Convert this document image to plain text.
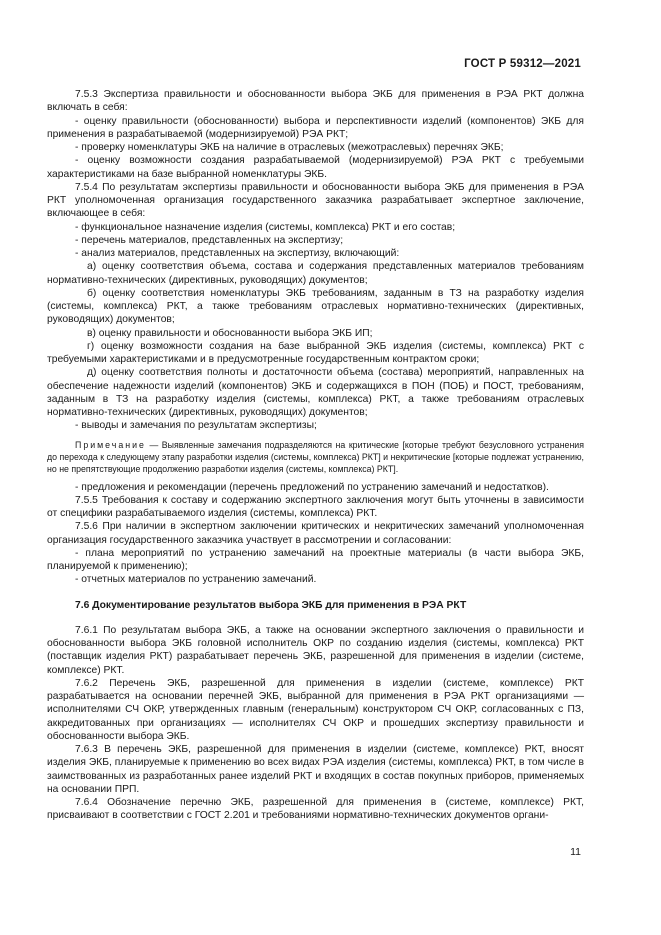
ГОСТ Р 59312—2021
7.5.3 Экспертиза правильности и обоснованности выбора ЭКБ для применения в РЭА РКТ должна включать в себя:
- оценку правильности (обоснованности) выбора и перспективности изделий (компонентов) ЭКБ для применения в разрабатываемой (модернизируемой) РЭА РКТ;
- проверку номенклатуры ЭКБ на наличие в отраслевых (межотраслевых) перечнях ЭКБ;
- оценку возможности создания разрабатываемой (модернизируемой) РЭА РКТ с требуемыми характеристиками на базе выбранной номенклатуры ЭКБ.
7.5.4 По результатам экспертизы правильности и обоснованности выбора ЭКБ для применения в РЭА РКТ уполномоченная организация государственного заказчика разрабатывает экспертное заключение, включающее в себя:
- функциональное назначение изделия (системы, комплекса) РКТ и его состав;
- перечень материалов, представленных на экспертизу;
- анализ материалов, представленных на экспертизу, включающий:
а) оценку соответствия объема, состава и содержания представленных материалов требованиям нормативно-технических (директивных, руководящих) документов;
б) оценку соответствия номенклатуры ЭКБ требованиям, заданным в ТЗ на разработку изделия (системы, комплекса) РКТ, а также требованиям отраслевых нормативно-технических (директивных, руководящих) документов;
в) оценку правильности и обоснованности выбора ЭКБ ИП;
г) оценку возможности создания на базе выбранной ЭКБ изделия (системы, комплекса) РКТ с требуемыми характеристиками и в предусмотренные государственным контрактом сроки;
д) оценку соответствия полноты и достаточности объема (состава) мероприятий, направленных на обеспечение надежности изделий (компонентов) ЭКБ и содержащихся в ПОН (ПОБ) и ПОСТ, требованиям, заданным в ТЗ на разработку изделия (системы, комплекса) РКТ, а также требованиям отраслевых нормативно-технических (директивных, руководящих) документов;
- выводы и замечания по результатам экспертизы;
Примечание — Выявленные замечания подразделяются на критические [которые требуют безусловного устранения до перехода к следующему этапу разработки изделия (системы, комплекса) РКТ] и некритические [которые подлежат устранению, но не препятствующие продолжению разработки изделия (системы, комплекса) РКТ].
- предложения и рекомендации (перечень предложений по устранению замечаний и недостатков).
7.5.5 Требования к составу и содержанию экспертного заключения могут быть уточнены в зависимости от специфики разрабатываемого изделия (системы, комплекса) РКТ.
7.5.6 При наличии в экспертном заключении критических и некритических замечаний уполномоченная организация государственного заказчика участвует в рассмотрении и согласовании:
- плана мероприятий по устранению замечаний на проектные материалы (в части выбора ЭКБ, планируемой к применению);
- отчетных материалов по устранению замечаний.
7.6 Документирование результатов выбора ЭКБ для применения в РЭА РКТ
7.6.1 По результатам выбора ЭКБ, а также на основании экспертного заключения о правильности и обоснованности выбора ЭКБ головной исполнитель ОКР по созданию изделия (системы, комплекса) РКТ (поставщик изделия РКТ) разрабатывает перечень ЭКБ, разрешенной для применения в изделии (системе, комплексе) РКТ.
7.6.2 Перечень ЭКБ, разрешенной для применения в изделии (системе, комплексе) РКТ разрабатывается на основании перечней ЭКБ, выбранной для применения в РЭА РКТ организациями — исполнителями СЧ ОКР, утвержденных главным (генеральным) конструктором СЧ ОКР, согласованных с ПЗ, аккредитованных при организациях — исполнителях СЧ ОКР и прошедших экспертизу правильности и обоснованности выбора ЭКБ.
7.6.3 В перечень ЭКБ, разрешенной для применения в изделии (системе, комплексе) РКТ, вносят изделия ЭКБ, планируемые к применению во всех видах РЭА изделия (системы, комплекса) РКТ, в том числе в заимствованных из разработанных ранее изделий РКТ и входящих в состав покупных приборов, применяемых на основании ПРП.
7.6.4 Обозначение перечню ЭКБ, разрешенной для применения в (системе, комплексе) РКТ, присваивают в соответствии с ГОСТ 2.201 и требованиями нормативно-технических документов органи-
11
